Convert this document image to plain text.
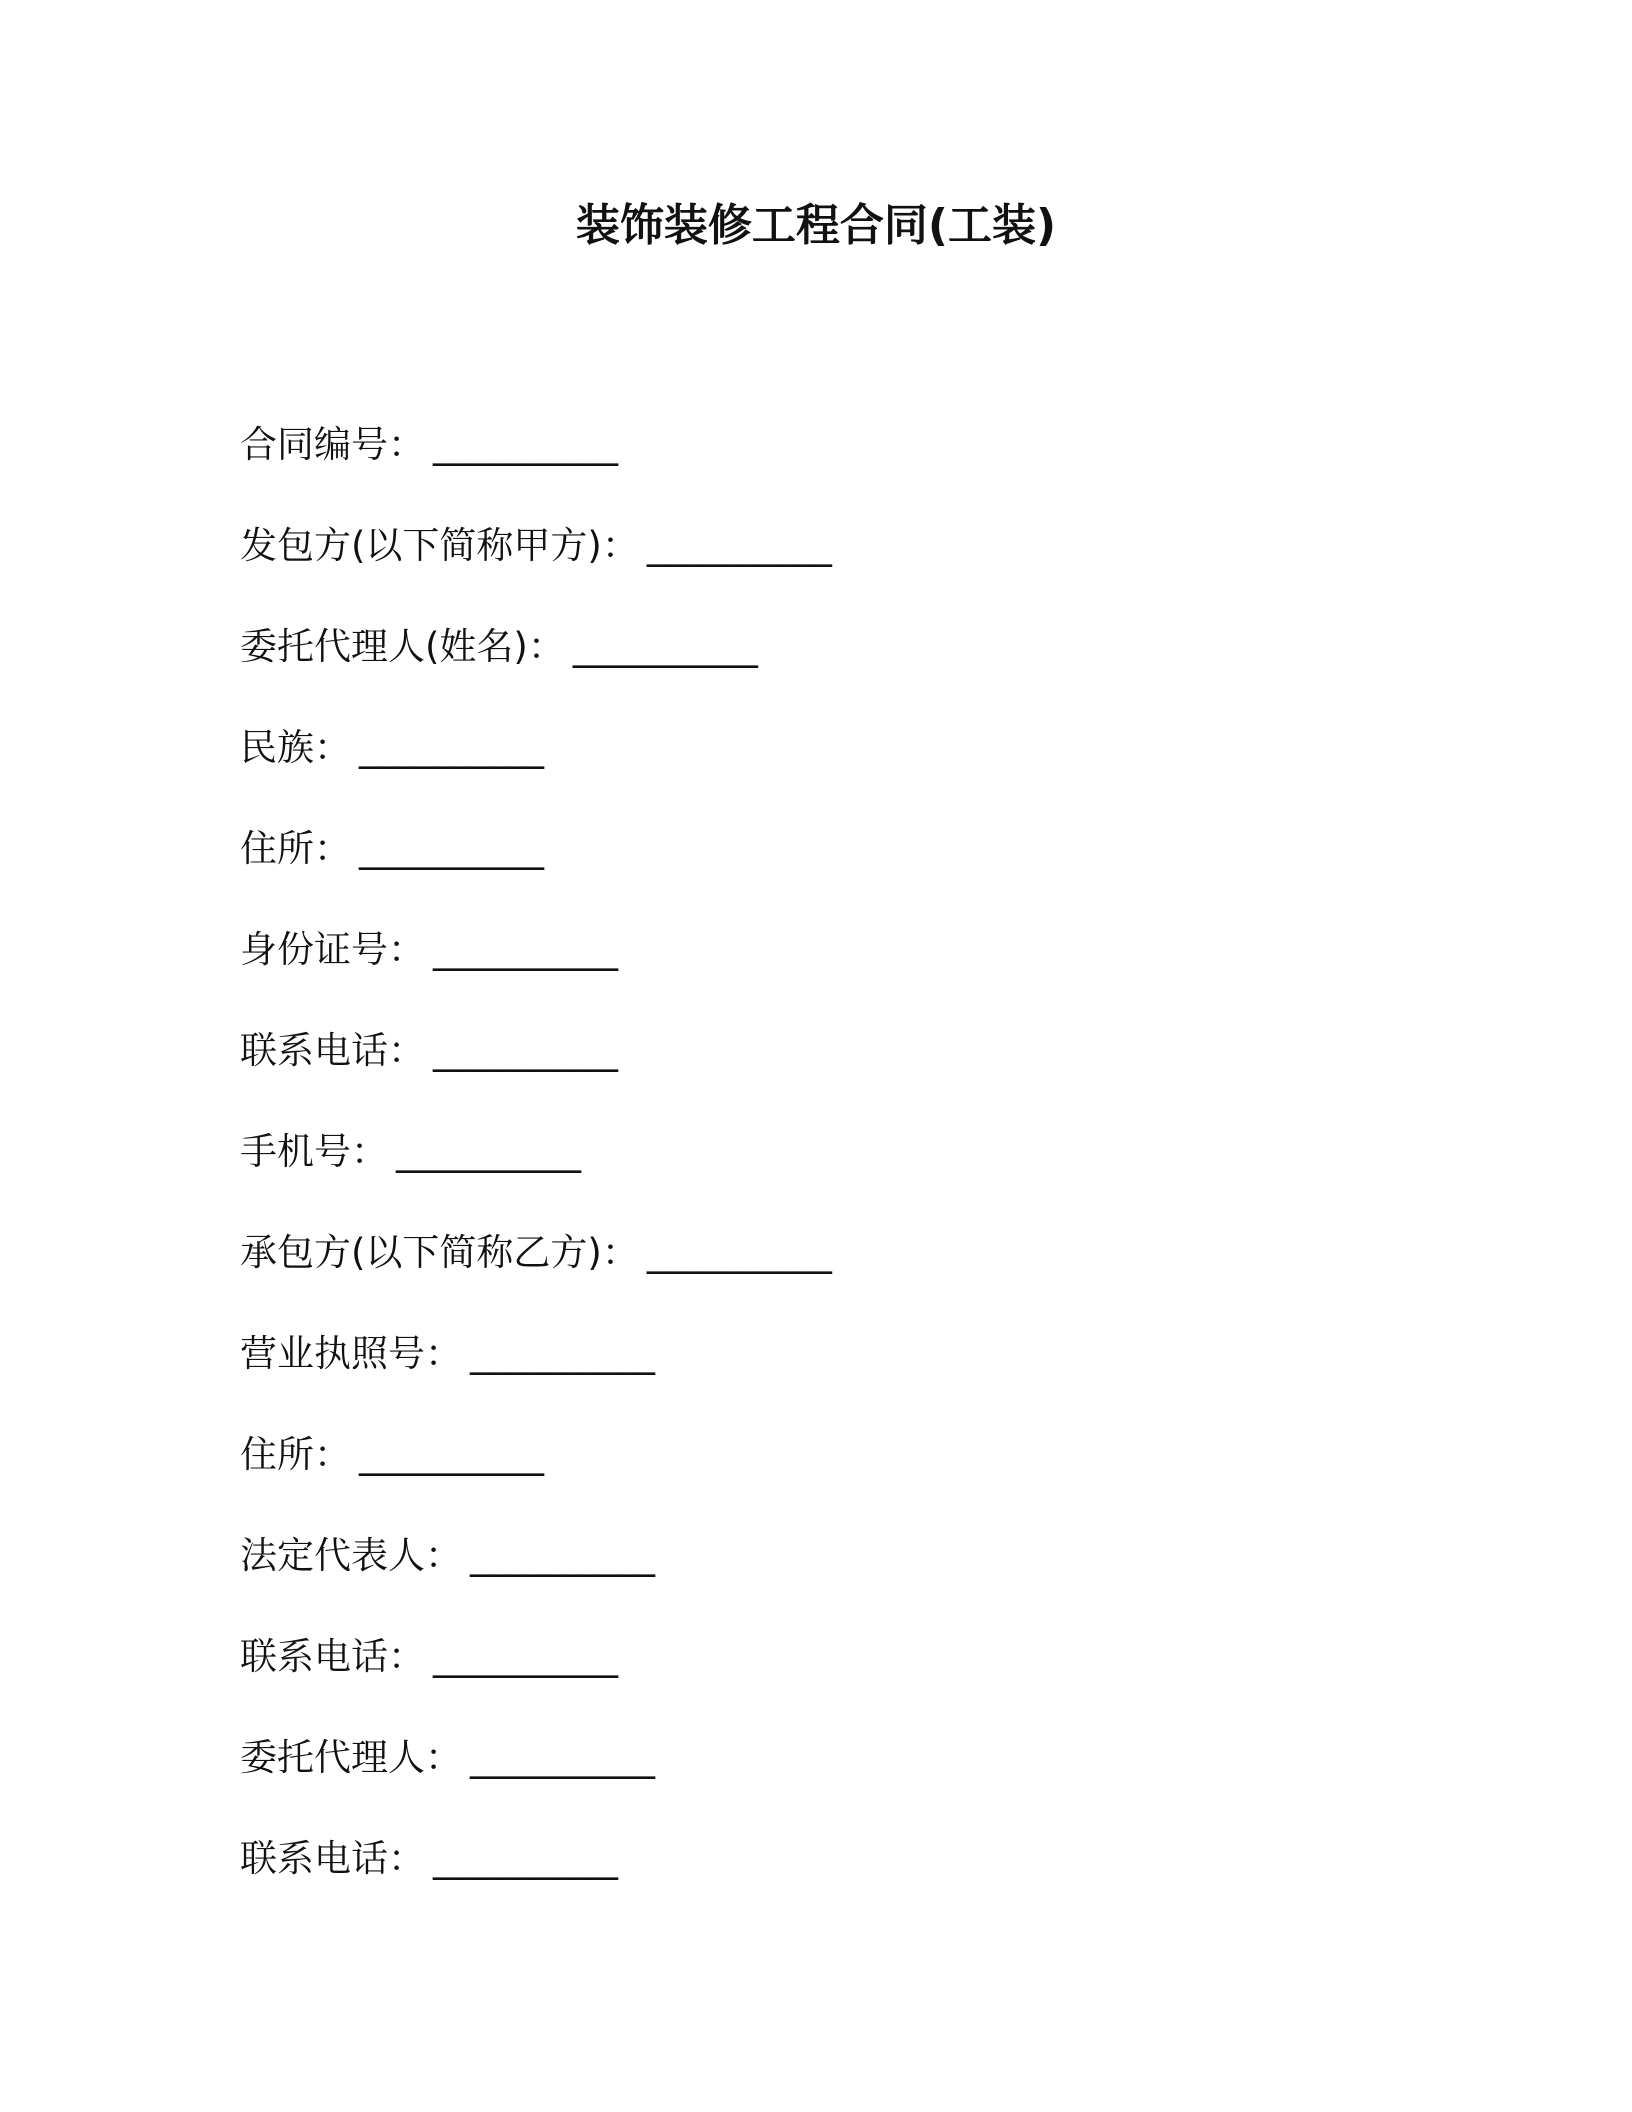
装饰装修工程合同(工装)
合同编号： __________
发包方(以下简称甲方)： __________
委托代理人(姓名)： __________
民族： __________
住所： __________
身份证号： __________
联系电话： __________
手机号： __________
承包方(以下简称乙方)： __________
营业执照号： __________
住所： __________
法定代表人： __________
联系电话： __________
委托代理人： __________
联系电话： __________
